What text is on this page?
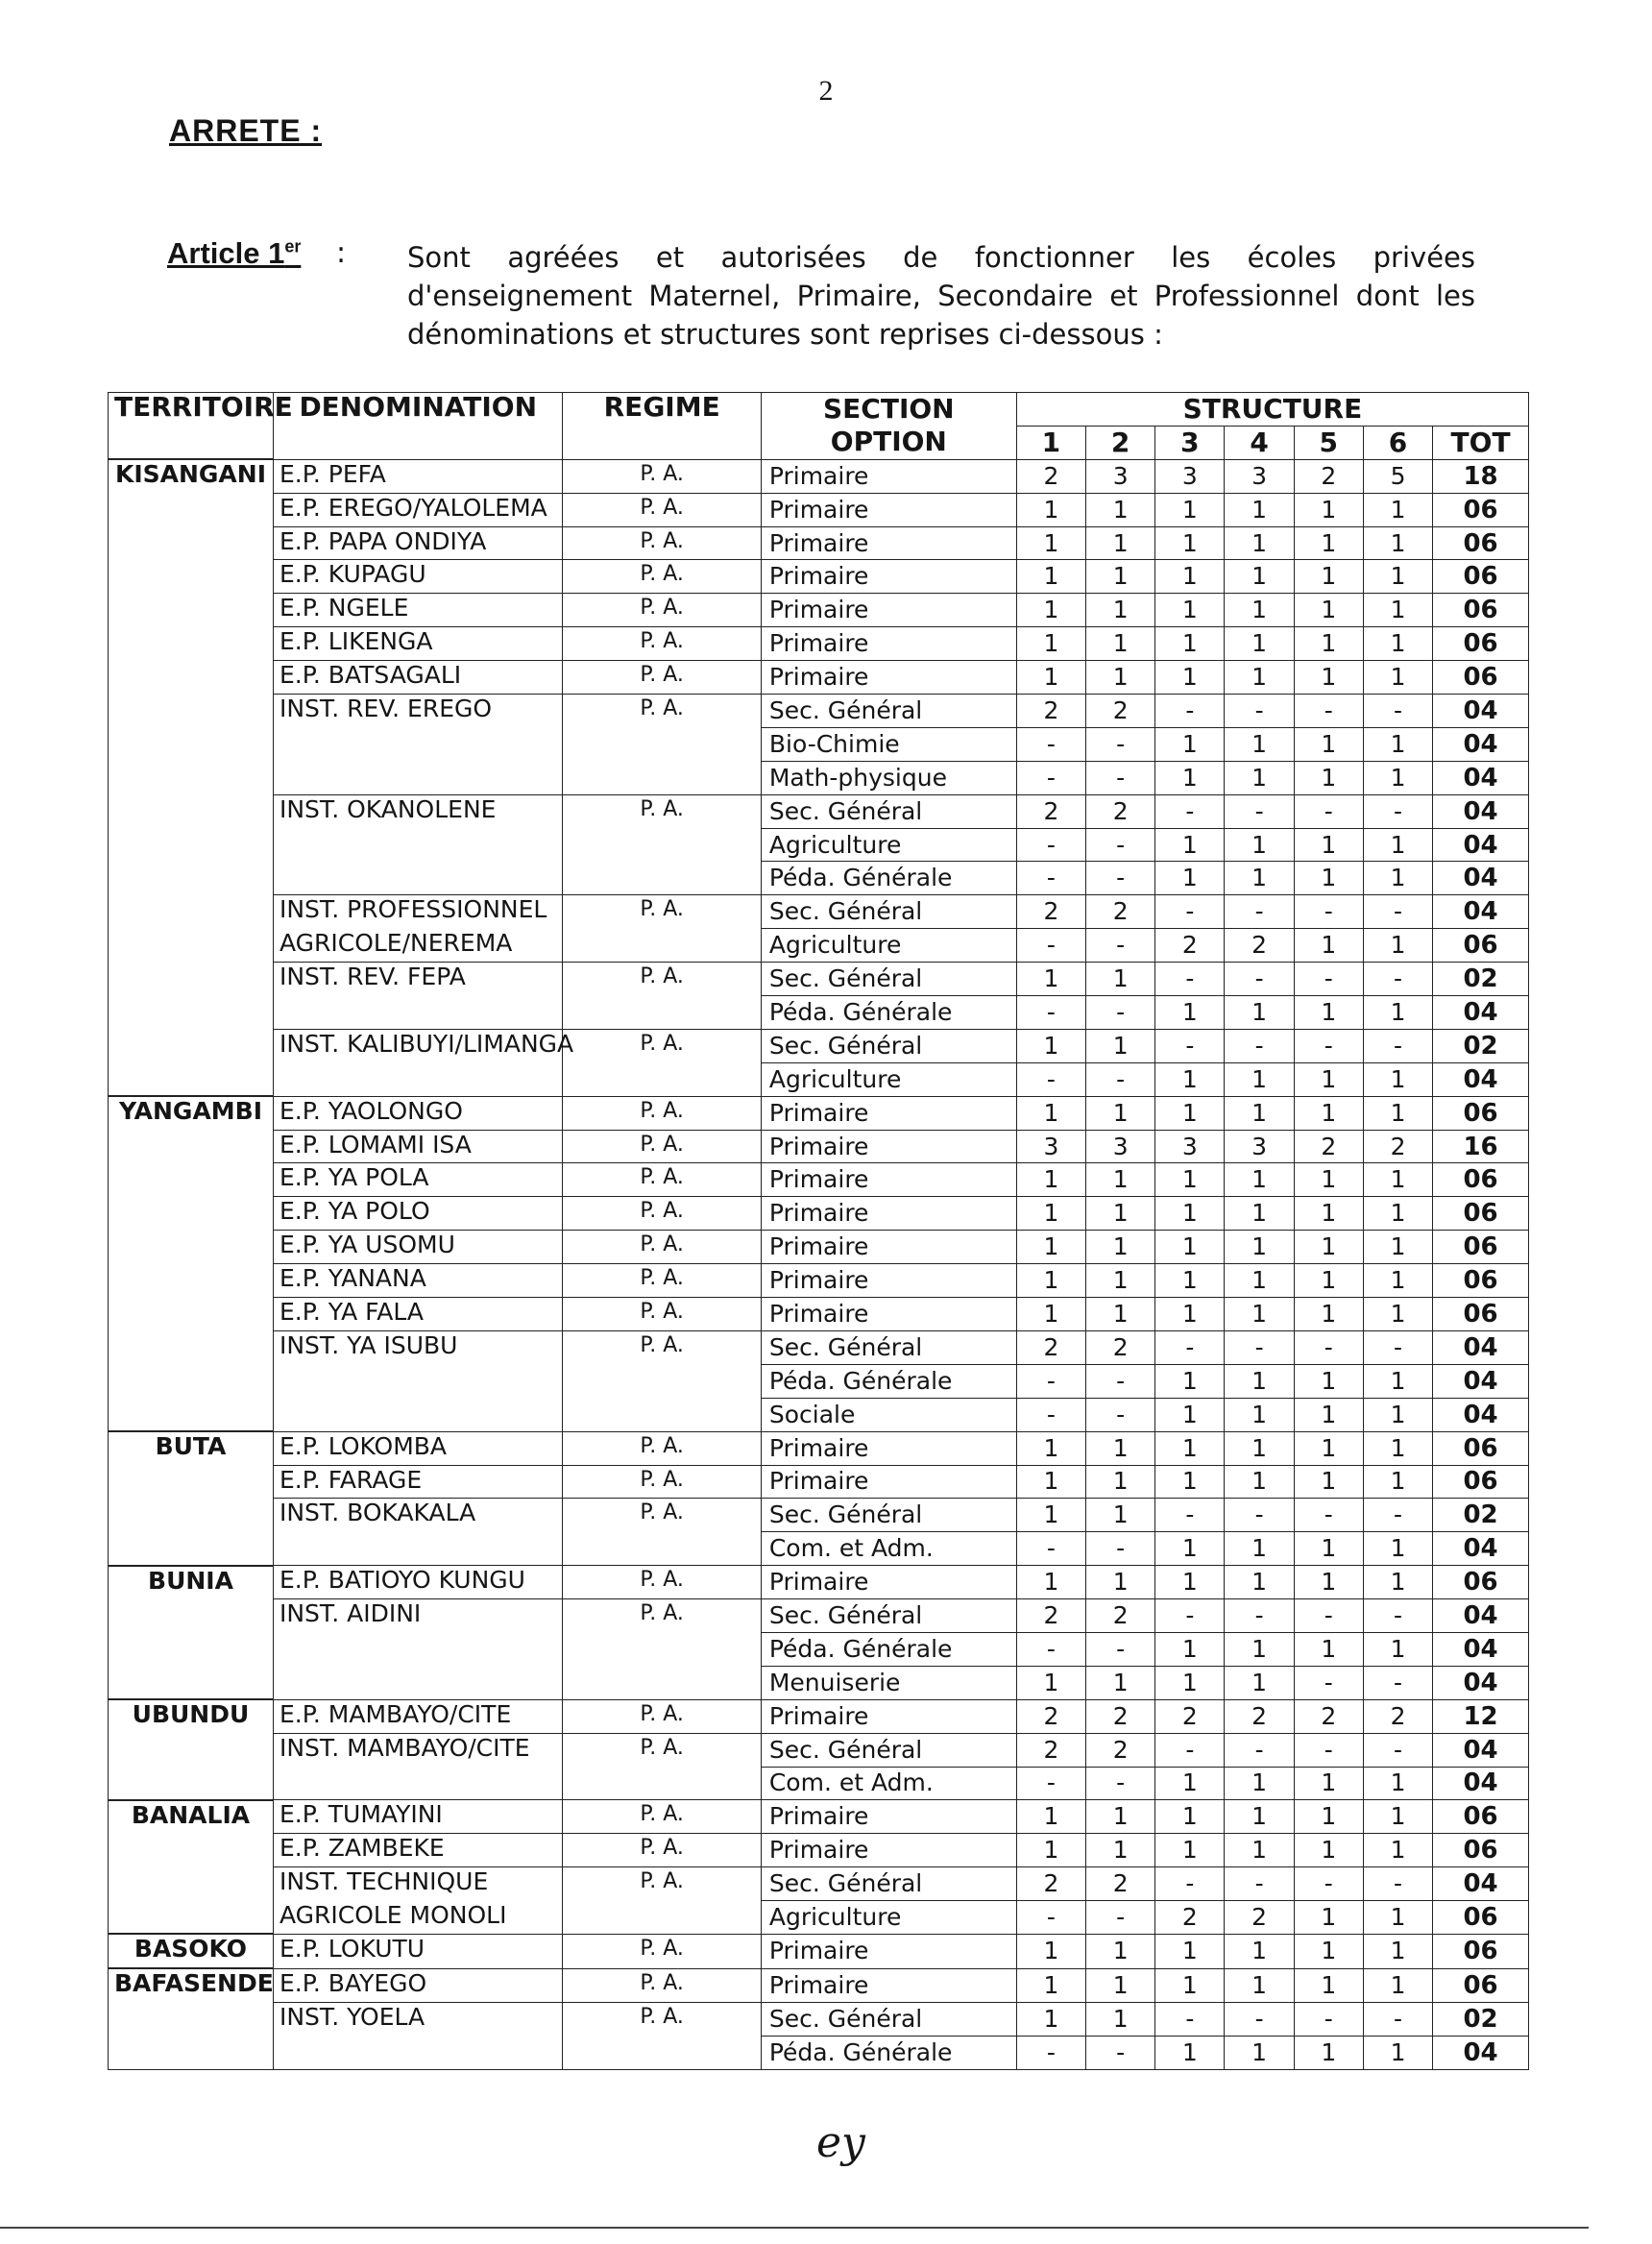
2
ARRETE :
Article 1er : Sont agréées et autorisées de fonctionner les écoles privées d'enseignement Maternel, Primaire, Secondaire et Professionnel dont les dénominations et structures sont reprises ci-dessous :
TERRITOIRE	DENOMINATION	REGIME	SECTION OPTION	STRUCTURE						
				1	2	3	4	5	6	TOT
KISANGANI	E.P. PEFA	P. A.	Primaire	2	3	3	3	2	5	18
	E.P. EREGO/YALOLEMA	P. A.	Primaire	1	1	1	1	1	1	06
	E.P. PAPA ONDIYA	P. A.	Primaire	1	1	1	1	1	1	06
	E.P. KUPAGU	P. A.	Primaire	1	1	1	1	1	1	06
	E.P. NGELE	P. A.	Primaire	1	1	1	1	1	1	06
	E.P. LIKENGA	P. A.	Primaire	1	1	1	1	1	1	06
	E.P. BATSAGALI	P. A.	Primaire	1	1	1	1	1	1	06
	INST. REV. EREGO	P. A.	Sec. Général	2	2	-	-	-	-	04
			Bio-Chimie	-	-	1	1	1	1	04
			Math-physique	-	-	1	1	1	1	04
	INST. OKANOLENE	P. A.	Sec. Général	2	2	-	-	-	-	04
			Agriculture	-	-	1	1	1	1	04
			Péda. Générale	-	-	1	1	1	1	04
	INST. PROFESSIONNEL	P. A.	Sec. Général	2	2	-	-	-	-	04
	AGRICOLE/NEREMA		Agriculture	-	-	2	2	1	1	06
	INST. REV. FEPA	P. A.	Sec. Général	1	1	-	-	-	-	02
			Péda. Générale	-	-	1	1	1	1	04
	INST. KALIBUYI/LIMANGA	P. A.	Sec. Général	1	1	-	-	-	-	02
			Agriculture	-	-	1	1	1	1	04
YANGAMBI	E.P. YAOLONGO	P. A.	Primaire	1	1	1	1	1	1	06
	E.P. LOMAMI ISA	P. A.	Primaire	3	3	3	3	2	2	16
	E.P. YA POLA	P. A.	Primaire	1	1	1	1	1	1	06
	E.P. YA POLO	P. A.	Primaire	1	1	1	1	1	1	06
	E.P. YA USOMU	P. A.	Primaire	1	1	1	1	1	1	06
	E.P. YANANA	P. A.	Primaire	1	1	1	1	1	1	06
	E.P. YA FALA	P. A.	Primaire	1	1	1	1	1	1	06
	INST. YA ISUBU	P. A.	Sec. Général	2	2	-	-	-	-	04
			Péda. Générale	-	-	1	1	1	1	04
			Sociale	-	-	1	1	1	1	04
BUTA	E.P. LOKOMBA	P. A.	Primaire	1	1	1	1	1	1	06
	E.P. FARAGE	P. A.	Primaire	1	1	1	1	1	1	06
	INST. BOKAKALA	P. A.	Sec. Général	1	1	-	-	-	-	02
			Com. et Adm.	-	-	1	1	1	1	04
BUNIA	E.P. BATIOYO KUNGU	P. A.	Primaire	1	1	1	1	1	1	06
	INST. AIDINI	P. A.	Sec. Général	2	2	-	-	-	-	04
			Péda. Générale	-	-	1	1	1	1	04
			Menuiserie	1	1	1	1	-	-	04
UBUNDU	E.P. MAMBAYO/CITE	P. A.	Primaire	2	2	2	2	2	2	12
	INST. MAMBAYO/CITE	P. A.	Sec. Général	2	2	-	-	-	-	04
			Com. et Adm.	-	-	1	1	1	1	04
BANALIA	E.P. TUMAYINI	P. A.	Primaire	1	1	1	1	1	1	06
	E.P. ZAMBEKE	P. A.	Primaire	1	1	1	1	1	1	06
	INST. TECHNIQUE	P. A.	Sec. Général	2	2	-	-	-	-	04
	AGRICOLE MONOLI		Agriculture	-	-	2	2	1	1	06
BASOKO	E.P. LOKUTU	P. A.	Primaire	1	1	1	1	1	1	06
BAFASENDE	E.P. BAYEGO	P. A.	Primaire	1	1	1	1	1	1	06
	INST. YOELA	P. A.	Sec. Général	1	1	-	-	-	-	02
			Péda. Générale	-	-	1	1	1	1	04
ey
